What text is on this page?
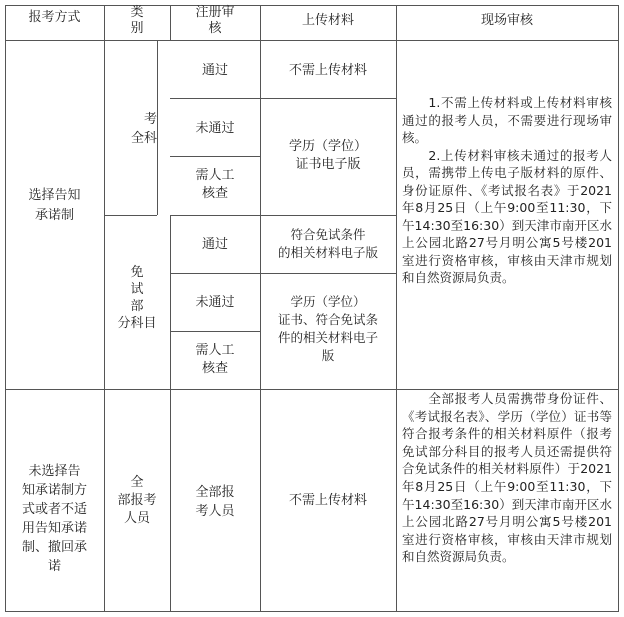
报考方式	类
别
注册审
核
上传材料	现场审核
选择告知
承诺制
未选择告
知承诺制方
式或者不适
用告知承诺
制、撤回承
诺
考
全科
免
试
部
分科目
全
部报考
人员
通过
未通过
需人工
核查
通过
未通过
需人工
核查
全部报
考人员
不需上传材料
学历（学位）
证书电子版
符合免试条件
的相关材料电子版
学历（学位）
证书、符合免试条
件的相关材料电子
版
不需上传材料
　　1.不需上传材料或上传材料审核通过的报考人员，不需要进行现场审核。
　　2.上传材料审核未通过的报考人员，需携带上传电子版材料的原件、身份证原件、《考试报名表》于2021年8月25日（上午9:00至11:30，下午14:30至16:30）到天津市南开区水上公园北路27号月明公寓5号楼201室进行资格审核，审核由天津市规划和自然资源局负责。
　　全部报考人员需携带身份证件、《考试报名表》、学历（学位）证书等符合报考条件的相关材料原件（报考免试部分科目的报考人员还需提供符合免试条件的相关材料原件）于2021年8月25日（上午9:00至11:30，下午14:30至16:30）到天津市南开区水上公园北路27号月明公寓5号楼201室进行资格审核，审核由天津市规划和自然资源局负责。
